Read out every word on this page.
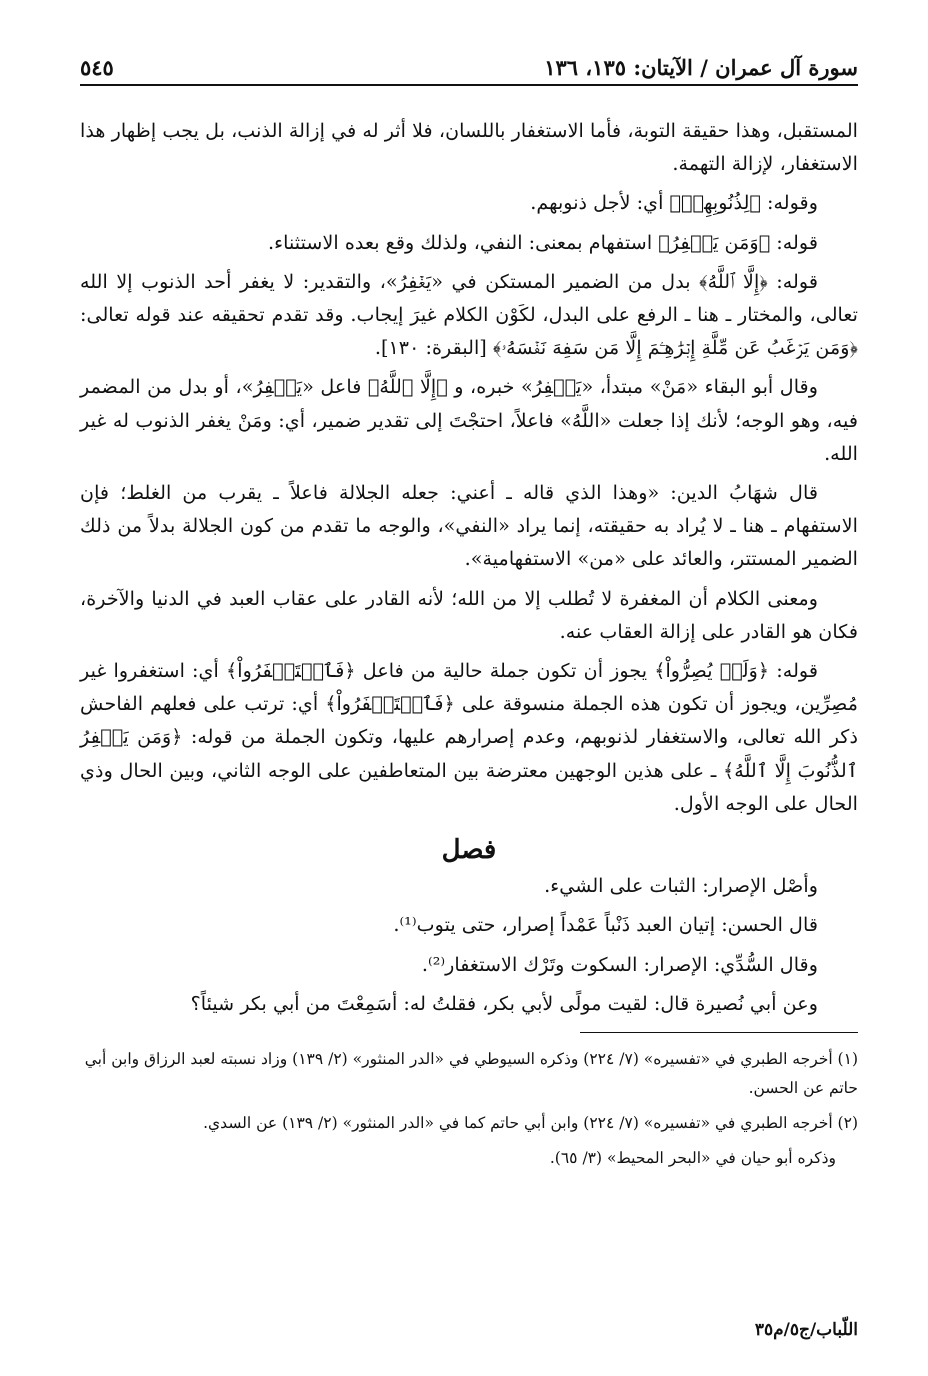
سورة آل عمران / الآيتان: ١٣٥، ١٣٦
٥٤٥

المستقبل، وهذا حقيقة التوبة، فأما الاستغفار باللسان، فلا أثر له في إزالة الذنب، بل يجب إظهار هذا الاستغفار، لإزالة التهمة.

وقوله: ﴿لِذُنُوبِهِمۡ﴾ أي: لأجل ذنوبهم.

قوله: ﴿وَمَن يَغۡفِرُ﴾ استفهام بمعنى: النفي، ولذلك وقع بعده الاستثناء.

قوله: ﴿إِلَّا ٱللَّهُ﴾ بدل من الضمير المستكن في «يَغۡفِرُ»، والتقدير: لا يغفر أحد الذنوب إلا الله تعالى، والمختار ـ هنا ـ الرفع على البدل، لكَوْن الكلام غيرَ إيجاب. وقد تقدم تحقيقه عند قوله تعالى: ﴿وَمَن يَرۡغَبُ عَن مِّلَّةِ إِبۡرَٰهِـۧمَ إِلَّا مَن سَفِهَ نَفۡسَهُۥ﴾ [البقرة: ١٣٠].

وقال أبو البقاء «مَنْ» مبتدأ، «يَغۡفِرُ» خبره، و ﴿إِلَّا ٱللَّهُ﴾ فاعل «يَغۡفِرُ»، أو بدل من المضمر فيه، وهو الوجه؛ لأنك إذا جعلت «اللَّهُ» فاعلاً، احتجْتَ إلى تقدير ضمير، أي: ومَنْ يغفر الذنوب له غير الله.

قال شهَابُ الدين: «وهذا الذي قاله ـ أعني: جعله الجلالة فاعلاً ـ يقرب من الغلط؛ فإن الاستفهام ـ هنا ـ لا يُراد به حقيقته، إنما يراد «النفي»، والوجه ما تقدم من كون الجلالة بدلاً من ذلك الضمير المستتر، والعائد على «من» الاستفهامية».

ومعنى الكلام أن المغفرة لا تُطلب إلا من الله؛ لأنه القادر على عقاب العبد في الدنيا والآخرة، فكان هو القادر على إزالة العقاب عنه.

قوله: ﴿وَلَمۡ يُصِرُّواْ﴾ يجوز أن تكون جملة حالية من فاعل ﴿فَٱسۡتَغۡفَرُواْ﴾ أي: استغفروا غير مُصِرِّين، ويجوز أن تكون هذه الجملة منسوقة على ﴿فَٱسۡتَغۡفَرُواْ﴾ أي: ترتب على فعلهم الفاحش ذكر الله تعالى، والاستغفار لذنوبهم، وعدم إصرارهم عليها، وتكون الجملة من قوله: ﴿وَمَن يَغۡفِرُ ٱلذُّنُوبَ إِلَّا ٱللَّهُ﴾ ـ على هذين الوجهين معترضة بين المتعاطفين على الوجه الثاني، وبين الحال وذي الحال على الوجه الأول.

فصل

وأصْل الإصرار: الثبات على الشيء.

قال الحسن: إتيان العبد ذَنْباً عَمْداً إصرار، حتى يتوب⁽¹⁾.

وقال السُّدِّي: الإصرار: السكوت وتَرْك الاستغفار⁽²⁾.

وعن أبي نُصيرة قال: لقيت مولًى لأبي بكر، فقلتُ له: أسَمِعْتَ من أبي بكر شيئاً؟

(١) أخرجه الطبري في «تفسيره» (٧/ ٢٢٤) وذكره السيوطي في «الدر المنثور» (٢/ ١٣٩) وزاد نسبته لعبد الرزاق وابن أبي حاتم عن الحسن.

(٢) أخرجه الطبري في «تفسيره» (٧/ ٢٢٤) وابن أبي حاتم كما في «الدر المنثور» (٢/ ١٣٩) عن السدي.

وذكره أبو حيان في «البحر المحيط» (٣/ ٦٥).

اللّباب/ج٥/م٣٥
